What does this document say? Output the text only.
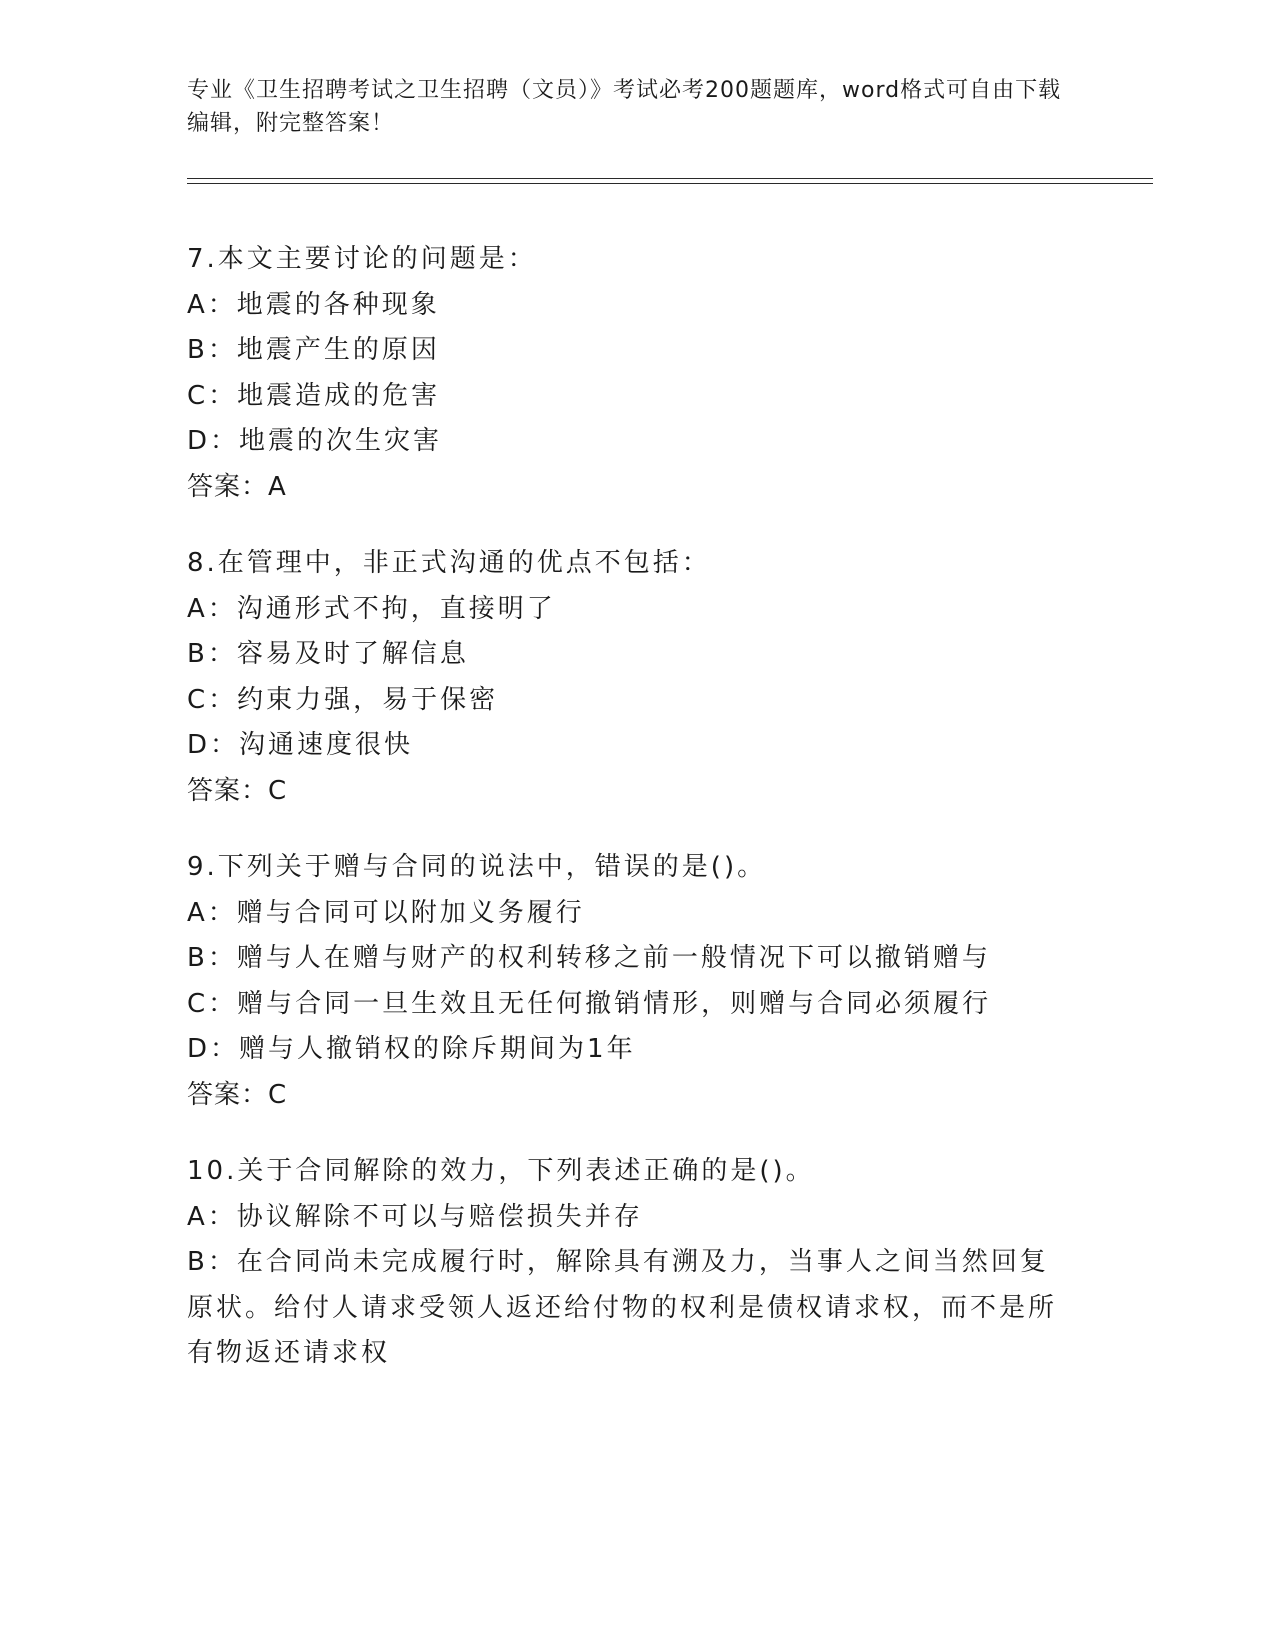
专业《卫生招聘考试之卫生招聘（文员）》考试必考200题题库，word格式可自由下载编辑，附完整答案！
7.本文主要讨论的问题是：
A：地震的各种现象
B：地震产生的原因
C：地震造成的危害
D：地震的次生灾害
答案：A
8.在管理中，非正式沟通的优点不包括：
A：沟通形式不拘，直接明了
B：容易及时了解信息
C：约束力强，易于保密
D：沟通速度很快
答案：C
9.下列关于赠与合同的说法中，错误的是()。
A：赠与合同可以附加义务履行
B：赠与人在赠与财产的权利转移之前一般情况下可以撤销赠与
C：赠与合同一旦生效且无任何撤销情形，则赠与合同必须履行
D：赠与人撤销权的除斥期间为1年
答案：C
10.关于合同解除的效力，下列表述正确的是()。
A：协议解除不可以与赔偿损失并存
B：在合同尚未完成履行时，解除具有溯及力，当事人之间当然回复原状。给付人请求受领人返还给付物的权利是债权请求权，而不是所有物返还请求权
